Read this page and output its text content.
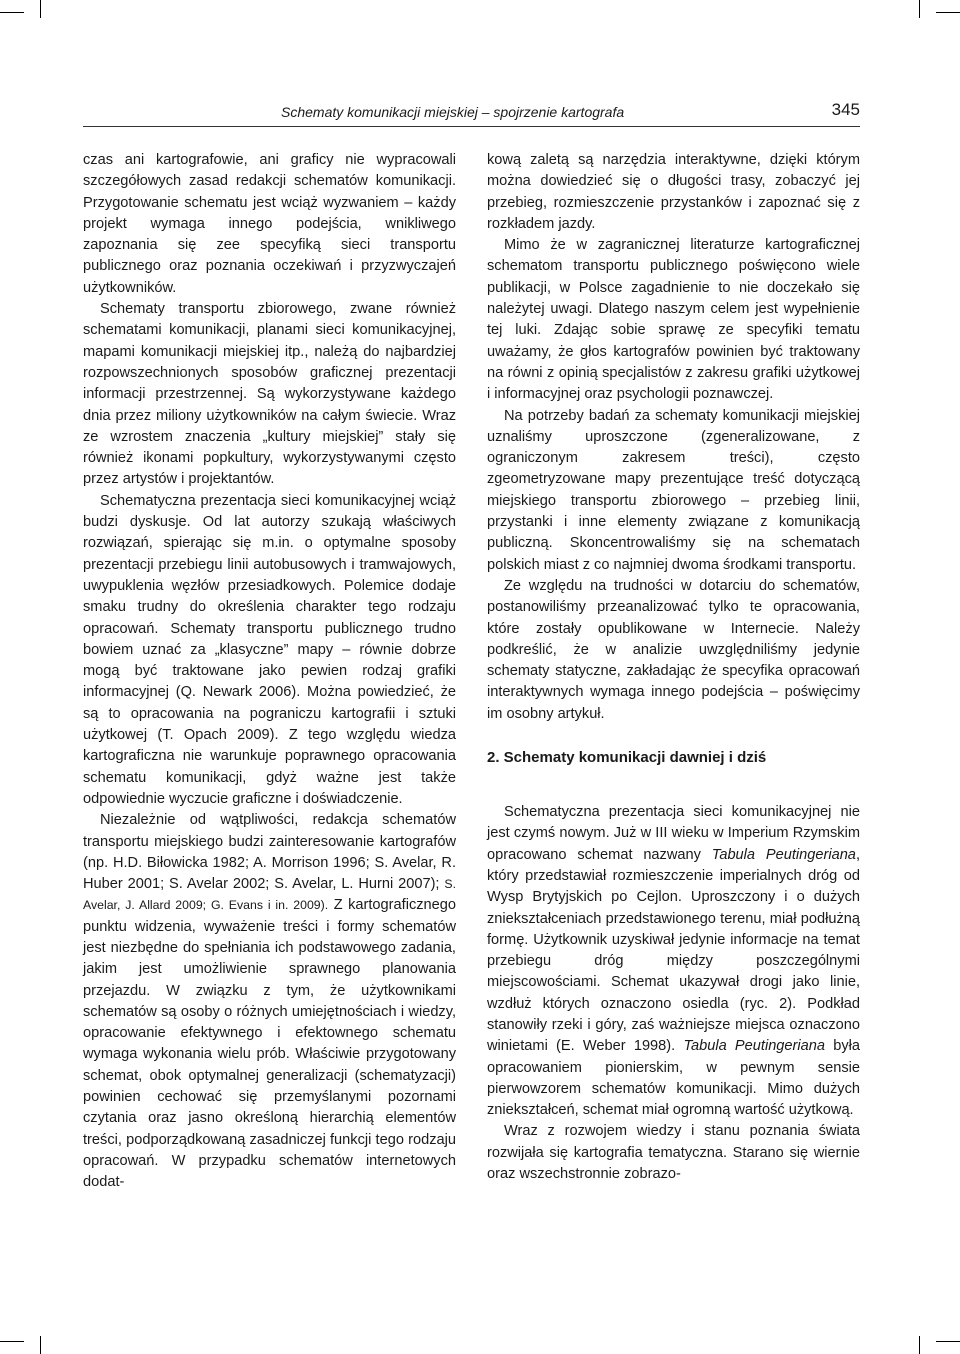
Schematy komunikacji miejskiej – spojrzenie kartografa	345

czas ani kartografowie, ani graficy nie wypracowali szczegółowych zasad redakcji schematów komunikacji. Przygotowanie schematu jest wciąż wyzwaniem – każdy projekt wymaga innego podejścia, wnikliwego zapoznania się zee specyfiką sieci transportu publicznego oraz poznania oczekiwań i przyzwyczajeń użytkowników.

Schematy transportu zbiorowego, zwane również schematami komunikacji, planami sieci komunikacyjnej, mapami komunikacji miejskiej itp., należą do najbardziej rozpowszechnionych sposobów graficznej prezentacji informacji przestrzennej. Są wykorzystywane każdego dnia przez miliony użytkowników na całym świecie. Wraz ze wzrostem znaczenia „kultury miejskiej” stały się również ikonami popkultury, wykorzystywanymi często przez artystów i projektantów.

Schematyczna prezentacja sieci komunikacyjnej wciąż budzi dyskusje. Od lat autorzy szukają właściwych rozwiązań, spierając się m.in. o optymalne sposoby prezentacji przebiegu linii autobusowych i tramwajowych, uwypuklenia węzłów przesiadkowych. Polemice dodaje smaku trudny do określenia charakter tego rodzaju opracowań. Schematy transportu publicznego trudno bowiem uznać za „klasyczne” mapy – równie dobrze mogą być traktowane jako pewien rodzaj grafiki informacyjnej (Q. Newark 2006). Można powiedzieć, że są to opracowania na pograniczu kartografii i sztuki użytkowej (T. Opach 2009). Z tego względu wiedza kartograficzna nie warunkuje poprawnego opracowania schematu komunikacji, gdyż ważne jest także odpowiednie wyczucie graficzne i doświadczenie.

Niezależnie od wątpliwości, redakcja schematów transportu miejskiego budzi zainteresowanie kartografów (np. H.D. Biłowicka 1982; A. Morrison 1996; S. Avelar, R. Huber 2001; S. Avelar 2002; S. Avelar, L. Hurni 2007); S. Avelar, J. Allard 2009; G. Evans i in. 2009). Z kartograficznego punktu widzenia, wyważenie treści i formy schematów jest niezbędne do spełniania ich podstawowego zadania, jakim jest umożliwienie sprawnego planowania przejazdu. W związku z tym, że użytkownikami schematów są osoby o różnych umiejętnościach i wiedzy, opracowanie efektywnego i efektownego schematu wymaga wykonania wielu prób. Właściwie przygotowany schemat, obok optymalnej generalizacji (schematyzacji) powinien cechować się przemyślanymi pozornami czytania oraz jasno określoną hierarchią elementów treści, podporządkowaną zasadniczej funkcji tego rodzaju opracowań. W przypadku schematów internetowych dodat-

kową zaletą są narzędzia interaktywne, dzięki którym można dowiedzieć się o długości trasy, zobaczyć jej przebieg, rozmieszczenie przystanków i zapoznać się z rozkładem jazdy.

Mimo że w zagranicznej literaturze kartograficznej schematom transportu publicznego poświęcono wiele publikacji, w Polsce zagadnienie to nie doczekało się należytej uwagi. Dlatego naszym celem jest wypełnienie tej luki. Zdając sobie sprawę ze specyfiki tematu uważamy, że głos kartografów powinien być traktowany na równi z opinią specjalistów z zakresu grafiki użytkowej i informacyjnej oraz psychologii poznawczej.

Na potrzeby badań za schematy komunikacji miejskiej uznaliśmy uproszczone (zgeneralizowane, z ograniczonym zakresem treści), często zgeometryzowane mapy prezentujące treść dotyczącą miejskiego transportu zbiorowego – przebieg linii, przystanki i inne elementy związane z komunikacją publiczną. Skoncentrowaliśmy się na schematach polskich miast z co najmniej dwoma środkami transportu.

Ze względu na trudności w dotarciu do schematów, postanowiliśmy przeanalizować tylko te opracowania, które zostały opublikowane w Internecie. Należy podkreślić, że w analizie uwzględniliśmy jedynie schematy statyczne, zakładając że specyfika opracowań interaktywnych wymaga innego podejścia – poświęcimy im osobny artykuł.

2. Schematy komunikacji dawniej i dziś

Schematyczna prezentacja sieci komunikacyjnej nie jest czymś nowym. Już w III wieku w Imperium Rzymskim opracowano schemat nazwany Tabula Peutingeriana, który przedstawiał rozmieszczenie imperialnych dróg od Wysp Brytyjskich po Cejlon. Uproszczony i o dużych zniekształceniach przedstawionego terenu, miał podłużną formę. Użytkownik uzyskiwał jedynie informacje na temat przebiegu dróg między poszczególnymi miejscowościami. Schemat ukazywał drogi jako linie, wzdłuż których oznaczono osiedla (ryc. 2). Podkład stanowiły rzeki i góry, zaś ważniejsze miejsca oznaczono winietami (E. Weber 1998). Tabula Peutingeriana była opracowaniem pionierskim, w pewnym sensie pierwowzorem schematów komunikacji. Mimo dużych zniekształceń, schemat miał ogromną wartość użytkową.

Wraz z rozwojem wiedzy i stanu poznania świata rozwijała się kartografia tematyczna. Starano się wiernie oraz wszechstronnie zobrazo-
